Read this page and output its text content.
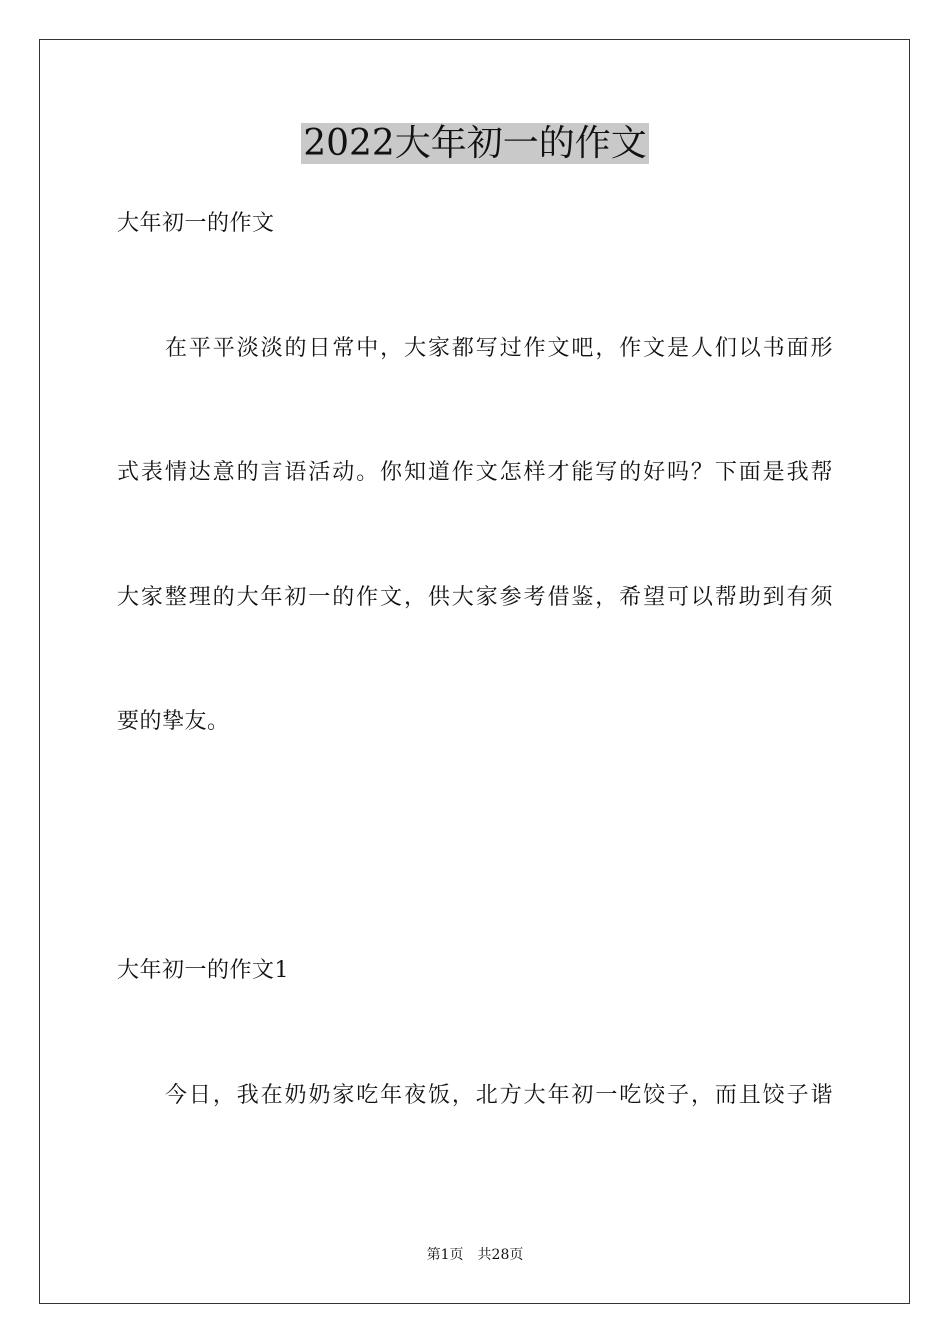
2022大年初一的作文

大年初一的作文

在平平淡淡的日常中，大家都写过作文吧，作文是人们以书面形

式表情达意的言语活动。你知道作文怎样才能写的好吗？下面是我帮

大家整理的大年初一的作文，供大家参考借鉴，希望可以帮助到有须

要的挚友。

大年初一的作文1

今日，我在奶奶家吃年夜饭，北方大年初一吃饺子，而且饺子谐

第1页　共28页
